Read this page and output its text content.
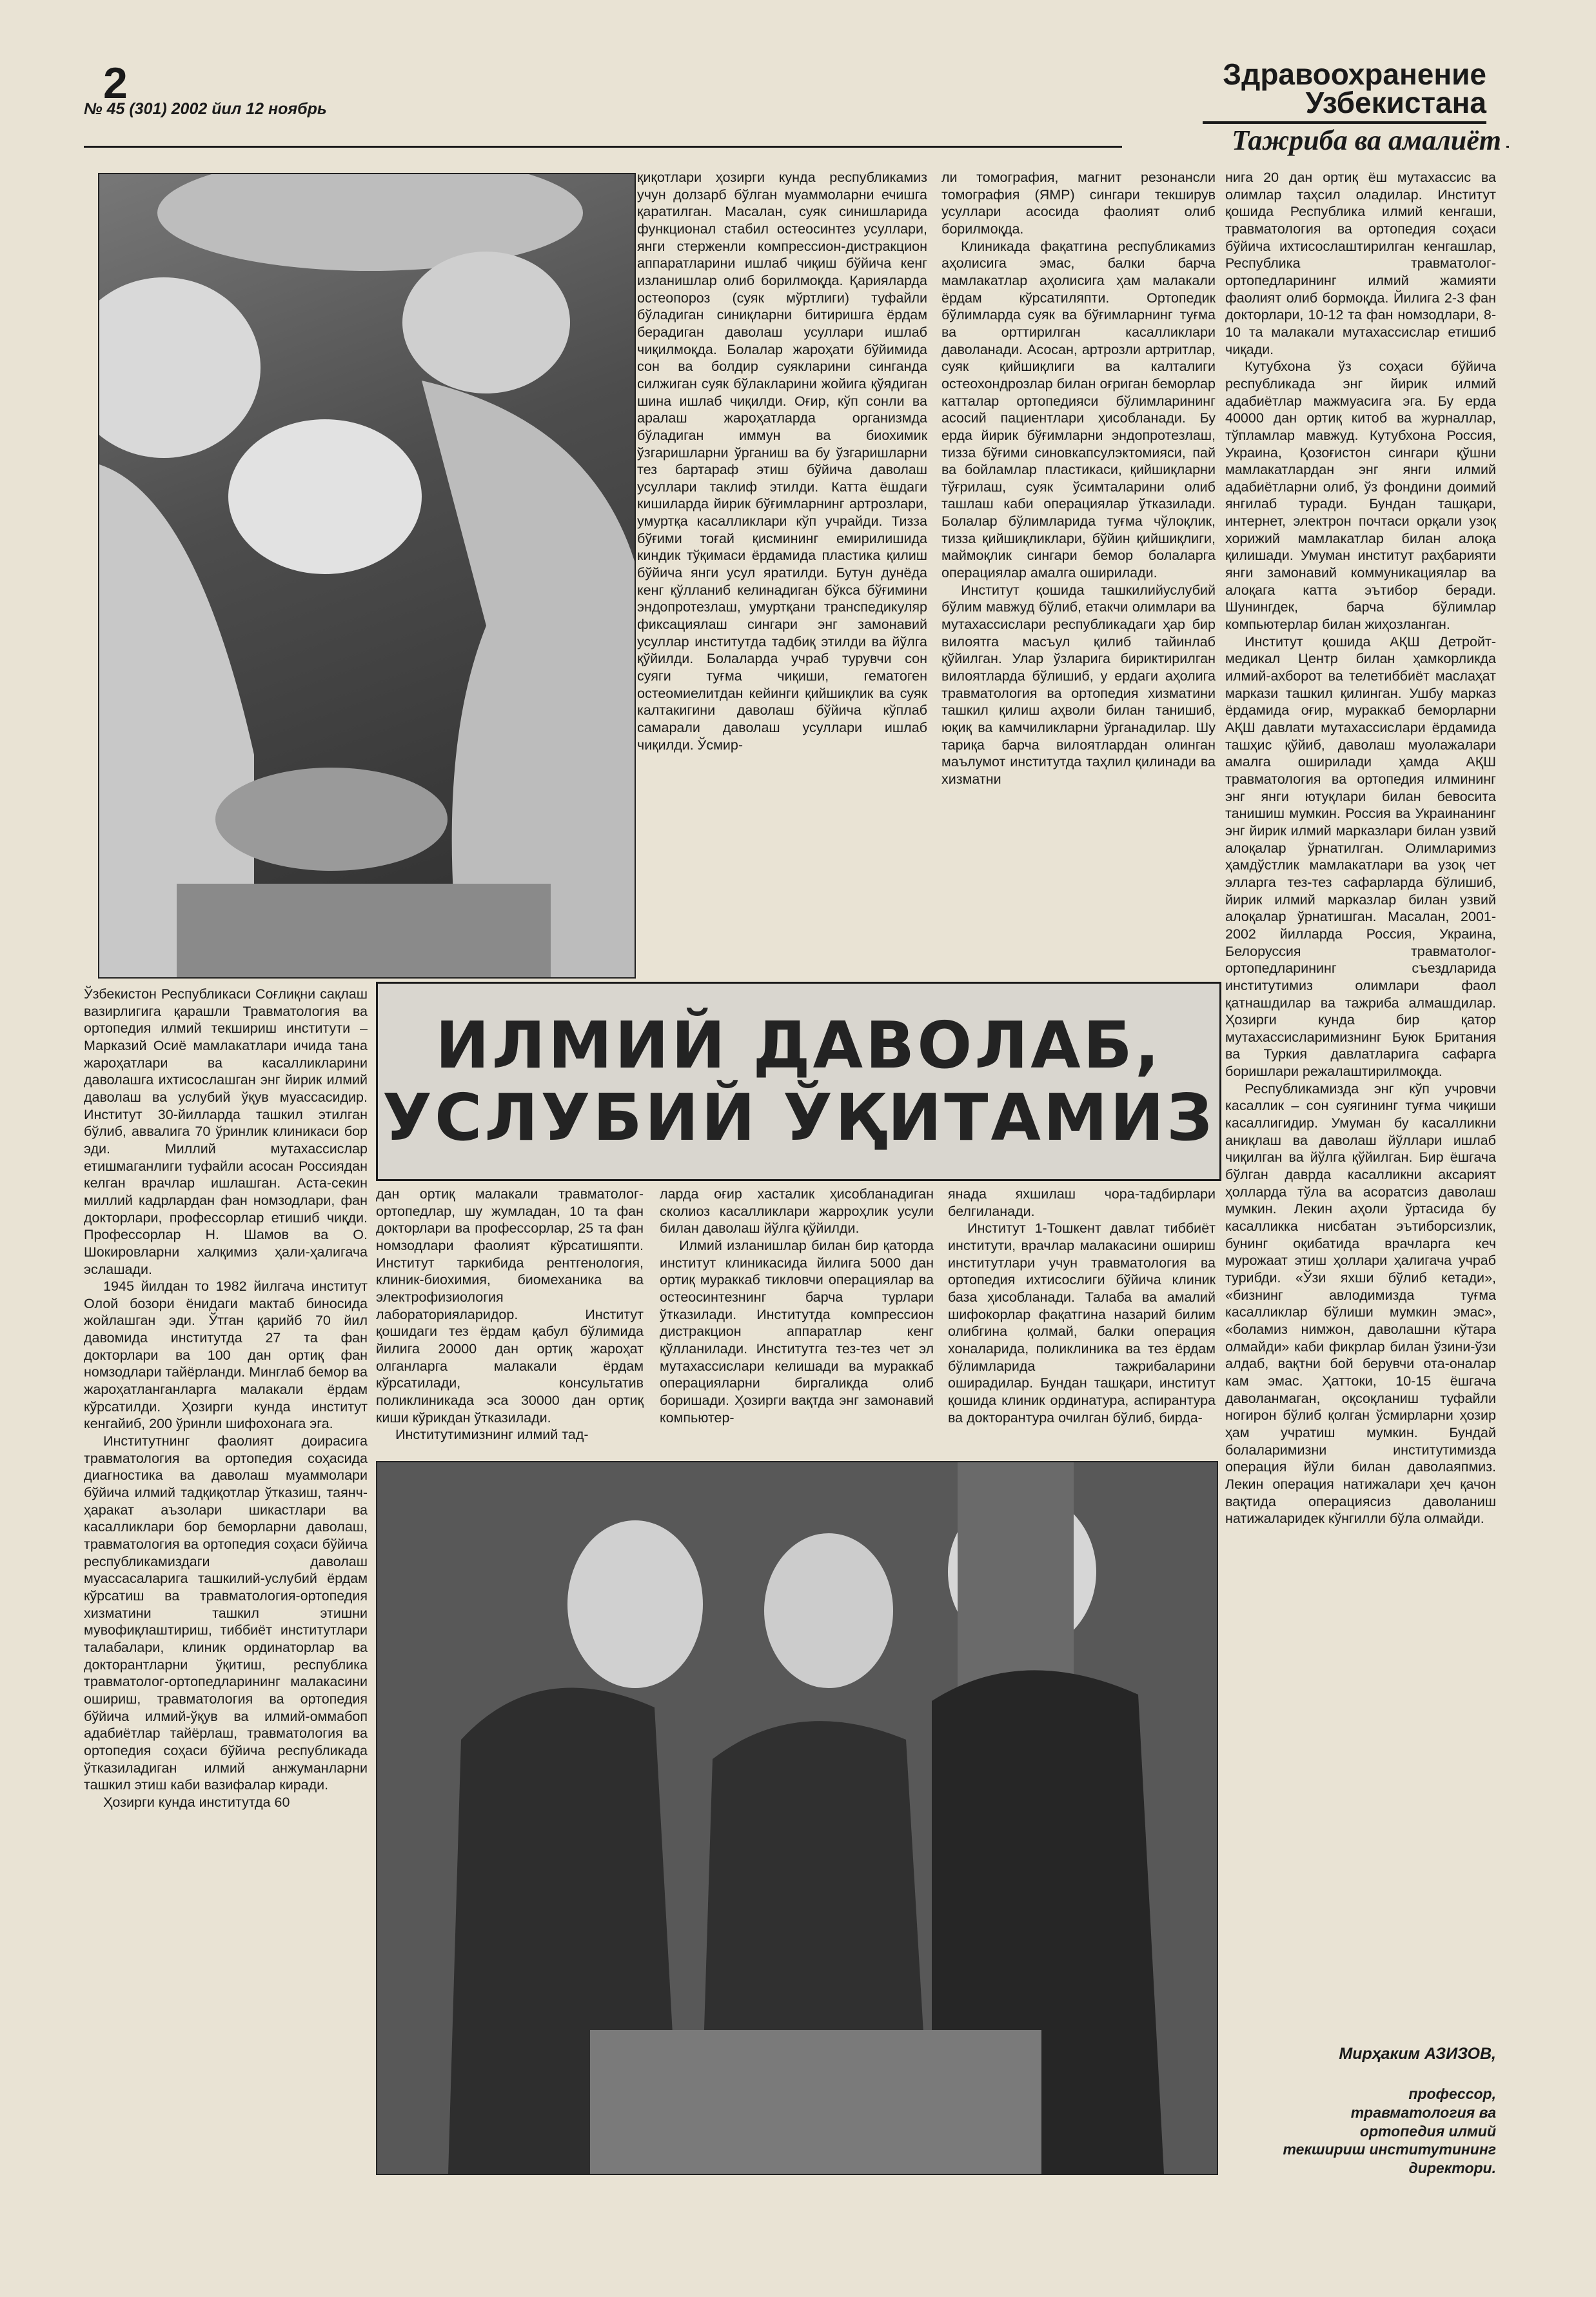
2
№ 45 (301) 2002 йил 12 ноябрь
Здравоохранение
Узбекистана
Тажриба ва амалиёт

Ўзбекистон Республикаси Соғлиқни сақлаш вазирлигига қарашли Травматология ва ортопедия илмий текшириш институти – Марказий Осиё мамлакатлари ичида тана жароҳатлари ва касалликларини даволашга ихтисослашган энг йирик илмий даволаш ва услубий ўқув муассасидир. Институт 30-йилларда ташкил этилган бўлиб, аввалига 70 ўринлик клиникаси бор эди. Миллий мутахассислар етишмаганлиги туфайли асосан Россиядан келган врачлар ишлашган. Аста-секин миллий кадрлардан фан номзодлари, фан докторлари, профессорлар етишиб чиқди. Профессорлар Н. Шамов ва О. Шокировларни халқимиз ҳали-ҳалигача эслашади.

1945 йилдан то 1982 йилгача институт Олой бозори ёнидаги мактаб биносида жойлашган эди. Ўтган қарийб 70 йил давомида институтда 27 та фан докторлари ва 100 дан ортиқ фан номзодлари тайёрланди. Минглаб бемор ва жароҳатланганларга малакали ёрдам кўрсатилди. Ҳозирги кунда институт кенгайиб, 200 ўринли шифохонага эга.

Институтнинг фаолият доирасига травматология ва ортопедия соҳасида диагностика ва даволаш муаммолари бўйича илмий тадқиқотлар ўтказиш, таянч-ҳаракат аъзолари шикастлари ва касалликлари бор беморларни даволаш, травматология ва ортопедия соҳаси бўйича республикамиздаги даволаш муассасаларига ташкилий-услубий ёрдам кўрсатиш ва травматология-ортопедия хизматини ташкил этишни мувофиқлаштириш, тиббиёт институтлари талабалари, клиник ординаторлар ва докторантларни ўқитиш, республика травматолог-ортопедларининг малакасини ошириш, травматология ва ортопедия бўйича илмий-ўқув ва илмий-оммабоп адабиётлар тайёрлаш, травматология ва ортопедия соҳаси бўйича республикада ўтказиладиган илмий анжуманларни ташкил этиш каби вазифалар киради.

Ҳозирги кунда институтда 60

қиқотлари ҳозирги кунда республикамиз учун долзарб бўлган муаммоларни ечишга қаратилган. Масалан, суяк синишларида функционал стабил остеосинтез усуллари, янги стерженли компрессион-дистракцион аппаратларини ишлаб чиқиш бўйича кенг изланишлар олиб борилмоқда. Қарияларда остеопороз (суяк мўртлиги) туфайли бўладиган синиқларни битиришга ёрдам берадиган даволаш усуллари ишлаб чиқилмоқда. Болалар жароҳати бўйимида сон ва болдир суякларини синганда силжиган суяк бўлакларини жойига қўядиган шина ишлаб чиқилди. Оғир, кўп сонли ва аралаш жароҳатларда организмда бўладиган иммун ва биохимик ўзгаришларни ўрганиш ва бу ўзгаришларни тез бартараф этиш бўйича даволаш усуллари таклиф этилди. Катта ёшдаги кишиларда йирик бўғимларнинг артрозлари, умуртқа касалликлари кўп учрайди. Тизза бўғими тоғай қисмининг емирилишида киндик тўқимаси ёрдамида пластика қилиш бўйича янги усул яратилди. Бутун дунёда кенг қўлланиб келинадиган бўкса бўғимини эндопротезлаш, умуртқани транспедикуляр фиксациялаш сингари энг замонавий усуллар институтда тадбиқ этилди ва йўлга қўйилди. Болаларда учраб турувчи сон суяги туғма чиқиши, гематоген остеомиелитдан кейинги қийшиқлик ва суяк калтакигини даволаш бўйича кўплаб самарали даволаш усуллари ишлаб чиқилди. Ўсмир-

ли томография, магнит резонансли томография (ЯМР) сингари текширув усуллари асосида фаолият олиб борилмоқда.

Клиникада фақатгина республикамиз аҳолисига эмас, балки барча мамлакатлар аҳолисига ҳам малакали ёрдам кўрсатиляпти. Ортопедик бўлимларда суяк ва бўғимларнинг туғма ва орттирилган касалликлари даволанади. Асосан, артрозли артритлар, суяк қийшиқлиги ва калталиги остеохондрозлар билан оғриган беморлар катталар ортопедияси бўлимларининг асосий пациентлари ҳисобланади. Бу ерда йирик бўғимларни эндопротезлаш, тизза бўғими синовкапсулэктомияси, пай ва бойламлар пластикаси, қийшиқларни тўғрилаш, суяк ўсимталарини олиб ташлаш каби операциялар ўтказилади. Болалар бўлимларида туғма чўлоқлик, тизза қийшиқликлари, бўйин қийшиқлиги, маймоқлик сингари бемор болаларга операциялар амалга оширилади.

Институт қошида ташкилийуслубий бўлим мавжуд бўлиб, етакчи олимлари ва мутахассислари республикадаги ҳар бир вилоятга масъул қилиб тайинлаб қўйилган. Улар ўзларига бириктирилган вилоятларда бўлишиб, у ердаги аҳолига травматология ва ортопедия хизматини ташкил қилиш аҳволи билан танишиб, юқиқ ва камчиликларни ўрганадилар. Шу тариқа барча вилоятлардан олинган маълумот институтда таҳлил қилинади ва хизматни

нига 20 дан ортиқ ёш мутахассис ва олимлар таҳсил оладилар. Институт қошида Республика илмий кенгаши, травматология ва ортопедия соҳаси бўйича ихтисослаштирилган кенгашлар, Республика травматолог-ортопедларининг илмий жамияти фаолият олиб бормоқда. Йилига 2-3 фан докторлари, 10-12 та фан номзодлари, 8-10 та малакали мутахассислар етишиб чиқади.

Кутубхона ўз соҳаси бўйича республикада энг йирик илмий адабиётлар мажмуасига эга. Бу ерда 40000 дан ортиқ китоб ва журналлар, тўпламлар мавжуд. Кутубхона Россия, Украина, Қозоғистон сингари қўшни мамлакатлардан энг янги илмий адабиётларни олиб, ўз фондини доимий янгилаб туради. Бундан ташқари, интернет, электрон почтаси орқали узоқ хорижий мамлакатлар билан алоқа қилишади. Умуман институт раҳбарияти янги замонавий коммуникациялар ва алоқага катта эътибор беради. Шунингдек, барча бўлимлар компьютерлар билан жиҳозланган.

Институт қошида АҚШ Детройт-медикал Центр билан ҳамкорликда илмий-ахборот ва телетиббиёт маслаҳат маркази ташкил қилинган. Ушбу марказ ёрдамида оғир, мураккаб беморларни АҚШ давлати мутахассислари ёрдамида ташҳис қўйиб, даволаш муолажалари амалга оширилади ҳамда АҚШ травматология ва ортопедия илмининг энг янги ютуқлари билан бевосита танишиш мумкин. Россия ва Украинанинг энг йирик илмий марказлари билан узвий алоқалар ўрнатилган. Олимларимиз ҳамдўстлик мамлакатлари ва узоқ чет элларга тез-тез сафарларда бўлишиб, йирик илмий марказлар билан узвий алоқалар ўрнатишган. Масалан, 2001-2002 йилларда Россия, Украина, Белоруссия травматолог-ортопедларининг съездларида институтимиз олимлари фаол қатнашдилар ва тажриба алмашдилар. Ҳозирги кунда бир қатор мутахассисларимизнинг Буюк Британия ва Туркия давлатларига сафарга боришлари режалаштирилмоқда.

Республикамизда энг кўп учровчи касаллик – сон суягининг туғма чиқиши касаллигидир. Умуман бу касалликни аниқлаш ва даволаш йўллари ишлаб чиқилган ва йўлга қўйилган. Бир ёшгача бўлган даврда касалликни аксарият ҳолларда тўла ва асоратсиз даволаш мумкин. Лекин аҳоли ўртасида бу касалликка нисбатан эътиборсизлик, бунинг оқибатида врачларга кеч мурожаат этиш ҳоллари ҳалигача учраб турибди. «Ўзи яхши бўлиб кетади», «бизнинг авлодимизда туғма касалликлар бўлиши мумкин эмас», «боламиз нимжон, даволашни кўтара олмайди» каби фикрлар билан ўзини-ўзи алдаб, вақтни бой берувчи ота-оналар кам эмас. Ҳаттоки, 10-15 ёшгача даволанмаган, оқсоқланиш туфайли ногирон бўлиб қолган ўсмирларни ҳозир ҳам учратиш мумкин. Бундай болаларимизни институтимизда операция йўли билан даволаяпмиз. Лекин операция натижалари ҳеч қачон вақтида операциясиз даволаниш натижаларидек кўнгилли бўла олмайди.

ИЛМИЙ ДАВОЛАБ,
УСЛУБИЙ ЎҚИТАМИЗ

дан ортиқ малакали травматолог-ортопедлар, шу жумладан, 10 та фан докторлари ва профессорлар, 25 та фан номзодлари фаолият кўрсатишяпти. Институт таркибида рентгенология, клиник-биохимия, биомеханика ва электрофизиология лабораторияларидор. Институт қошидаги тез ёрдам қабул бўлимида йилига 20000 дан ортиқ жароҳат олганларга малакали ёрдам кўрсатилади, консультатив поликлиникада эса 30000 дан ортиқ киши кўрикдан ўтказилади.

Институтимизнинг илмий тад-

ларда оғир хасталик ҳисобланадиган сколиоз касалликлари жарроҳлик усули билан даволаш йўлга қўйилди.

Илмий изланишлар билан бир қаторда институт клиникасида йилига 5000 дан ортиқ мураккаб тикловчи операциялар ва остеосинтезнинг барча турлари ўтказилади. Институтда компрессион дистракцион аппаратлар кенг қўлланилади. Институтга тез-тез чет эл мутахассислари келишади ва мураккаб операцияларни биргаликда олиб боришади. Ҳозирги вақтда энг замонавий компьютер-

янада яхшилаш чора-тадбирлари белгиланади.

Институт 1-Тошкент давлат тиббиёт институти, врачлар малакасини ошириш институтлари учун травматология ва ортопедия ихтисослиги бўйича клиник база ҳисобланади. Талаба ва амалий шифокорлар фақатгина назарий билим олибгина қолмай, балки операция хоналарида, поликлиника ва тез ёрдам бўлимларида тажрибаларини оширадилар. Бундан ташқари, институт қошида клиник ординатура, аспирантура ва докторантура очилган бўлиб, бирда-

Мирҳаким АЗИЗОВ,
профессор,
травматология ва
ортопедия илмий
текшириш институтининг
директори.
